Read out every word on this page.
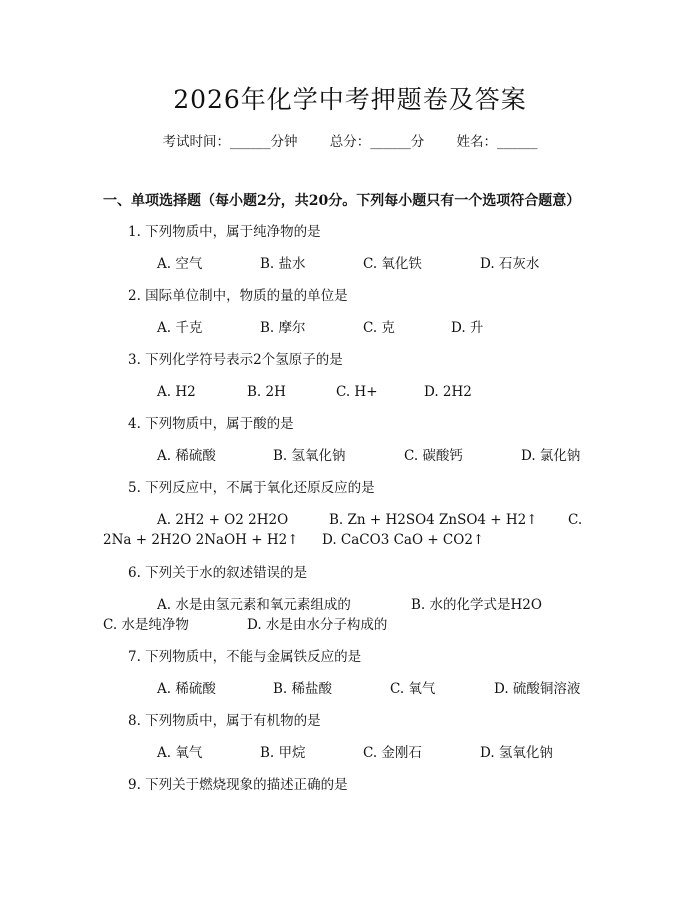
2026年化学中考押题卷及答案
考试时间：______分钟 总分：______分 姓名：______
一、单项选择题（每小题2分，共20分。下列每小题只有一个选项符合题意）
1. 下列物质中，属于纯净物的是
A. 空气	B. 盐水	C. 氧化铁	D. 石灰水
2. 国际单位制中，物质的量的单位是
A. 千克	B. 摩尔	C. 克	D. 升
3. 下列化学符号表示2个氢原子的是
A. H2	B. 2H	C. H+	D. 2H2
4. 下列物质中，属于酸的是
A. 稀硫酸	B. 氢氧化钠	C. 碳酸钙	D. 氯化钠
5. 下列反应中，不属于氧化还原反应的是
A. 2H2 + O2 2H2O	B. Zn + H2SO4 ZnSO4 + H2↑ C.
2Na + 2H2O 2NaOH + H2↑ D. CaCO3 CaO + CO2↑
6. 下列关于水的叙述错误的是
A. 水是由氢元素和氧元素组成的	B. 水的化学式是H2O
C. 水是纯净物	D. 水是由水分子构成的
7. 下列物质中，不能与金属铁反应的是
A. 稀硫酸	B. 稀盐酸	C. 氧气	D. 硫酸铜溶液
8. 下列物质中，属于有机物的是
A. 氧气	B. 甲烷	C. 金刚石	D. 氢氧化钠
9. 下列关于燃烧现象的描述正确的是
